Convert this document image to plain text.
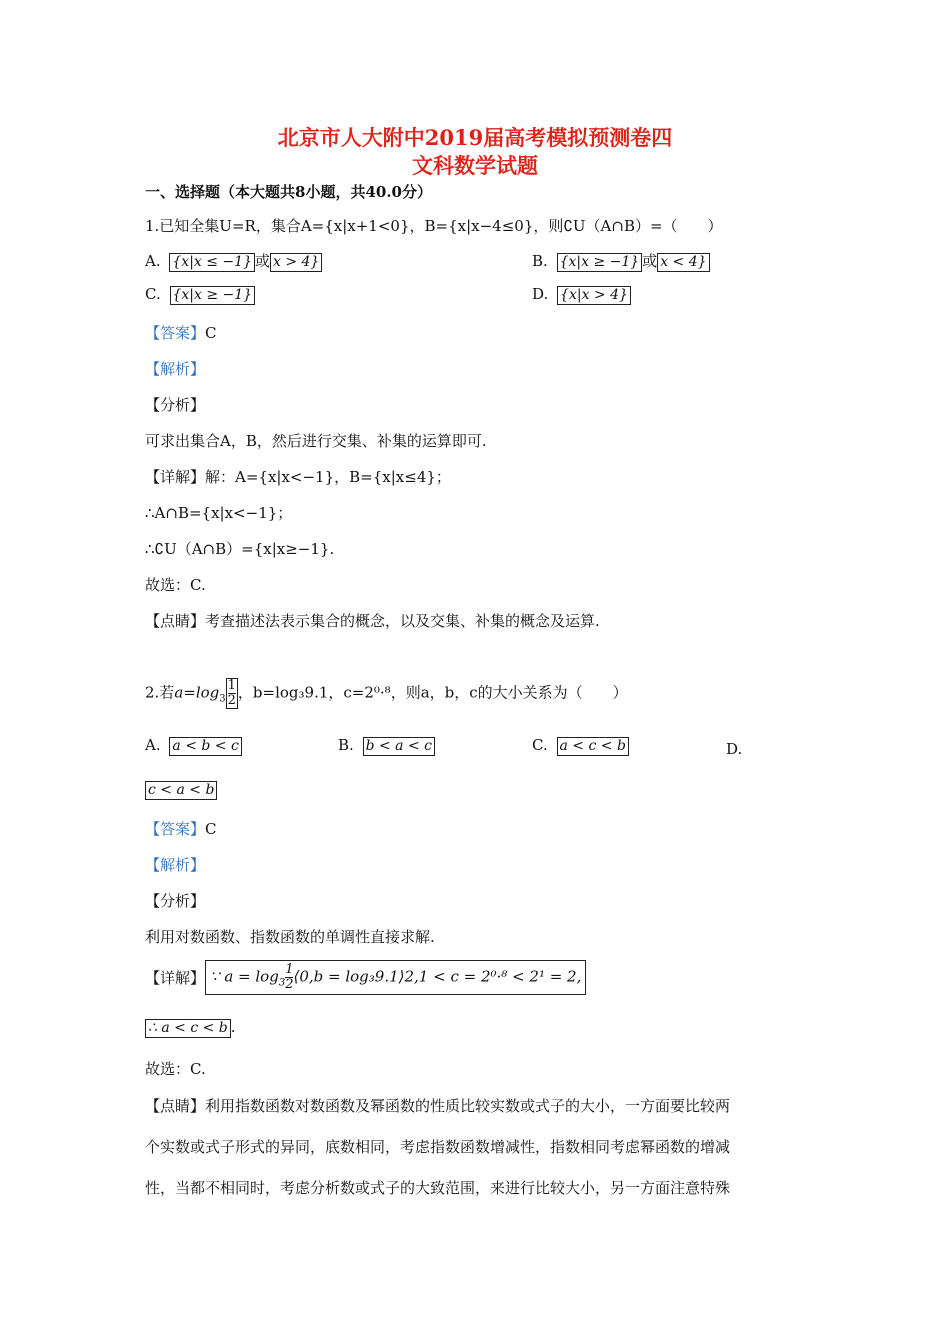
北京市人大附中2019届高考模拟预测卷四
文科数学试题
一、选择题（本大题共8小题，共40.0分）
1.已知全集U=R，集合A={x|x+1<0}，B={x|x−4≤0}，则∁U（A∩B）=（　　）
A. {x|x ≤ −1} 或 x > 4}	B. {x|x ≥ −1} 或 x < 4}
C. {x|x ≥ −1}	D. {x|x > 4}
【答案】C
【解析】
【分析】
可求出集合A，B，然后进行交集、补集的运算即可.
【详解】解：A={x|x<−1}，B={x|x≤4}；
∴A∩B={x|x<−1}；
∴∁U（A∩B）={x|x≥−1}.
故选：C.
【点睛】考查描述法表示集合的概念，以及交集、补集的概念及运算.
2.若$a=\log_3 \frac{1}{2}$ ，b=log₃9.1，c=2⁰·⁸，则a，b，c的大小关系为（　　）
A. a < b < c	B. b < a < c	C. a < c < b	D.
c < a < b
【答案】C
【解析】
【分析】
利用对数函数、指数函数的单调性直接求解.
【详解】 ∵ $a = \log_3 \frac{1}{2}$ ⟨0,b = log₃9.1⟩2,1 < c = 2⁰·⁸ < 2¹ = 2,
∴ a < c < b .
故选：C.
【点睛】利用指数函数对数函数及幂函数的性质比较实数或式子的大小，一方面要比较两
个实数或式子形式的异同，底数相同，考虑指数函数增减性，指数相同考虑幂函数的增减
性，当都不相同时，考虑分析数或式子的大致范围，来进行比较大小，另一方面注意特殊
